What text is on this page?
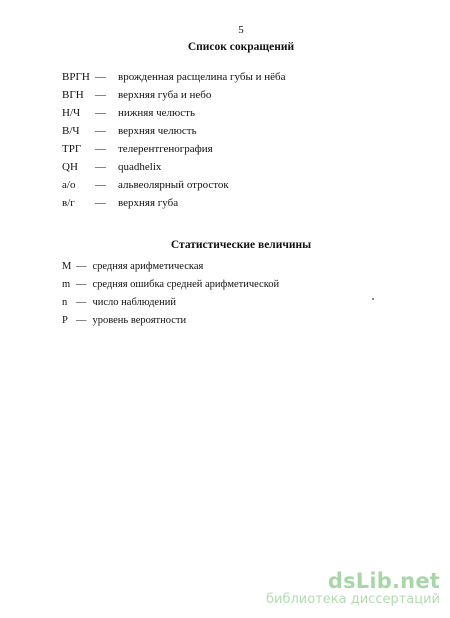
5
Список сокращений
ВРГН — врожденная расщелина губы и нёба
ВГН — верхняя губа и небо
Н/Ч — нижняя челюсть
В/Ч — верхняя челюсть
ТРГ — телерентгенография
QH — quadhelix
а/о — альвеолярный отросток
в/г — верхняя губа
Статистические величины
М — средняя арифметическая
m — средняя ошибка средней арифметической
n — число наблюдений
P — уровень вероятности
dsLib.net
библиотека диссертаций
